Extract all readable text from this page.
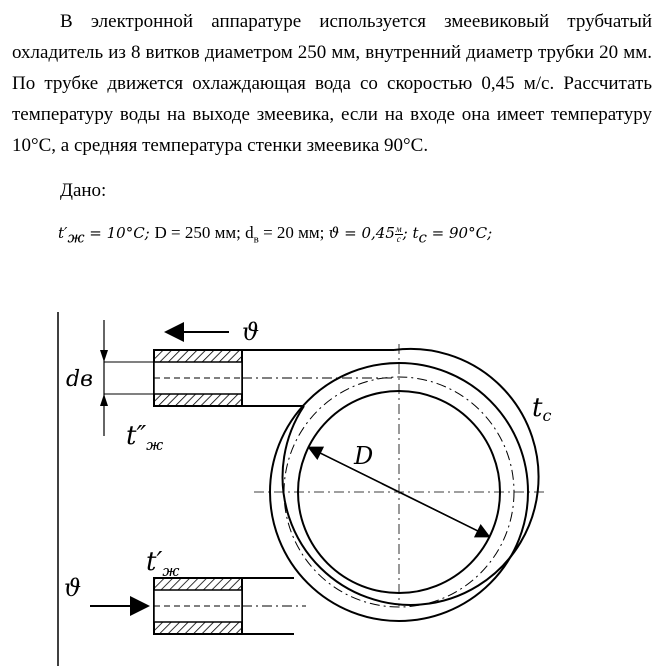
В электронной аппаратуре используется змеевиковый трубчатый охладитель из 8 витков диаметром 250 мм, внутренний диаметр трубки 20 мм. По трубке движется охлаждающая вода со скоростью 0,45 м/с. Рассчитать температуру воды на выходе змеевика, если на входе она имеет температуру 10°C, а средняя температура стенки змеевика 90°C.

Дано:

$t'_ж = 10^\circ C$; D = 250 мм; $d_в = 20$ мм; $ϑ = 0,45 \frac{м}{с}$ ; $t_c = 90^\circ C$;

D
tc
ϑ
ϑ
dв
$t''_ж$
$t'_ж$
